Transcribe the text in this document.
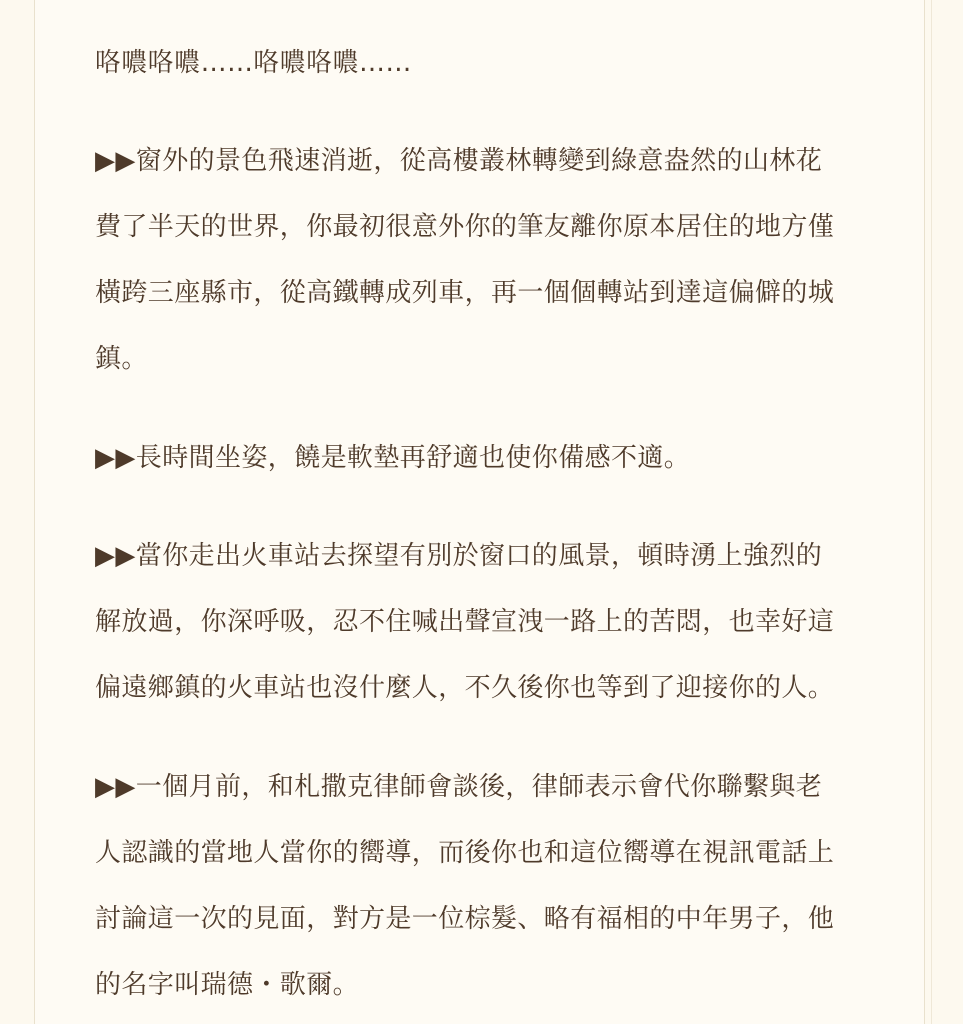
咯噥咯噥……咯噥咯噥……
▶▶窗外的景色飛速消逝，從高樓叢林轉變到綠意盎然的山林花
費了半天的世界，你最初很意外你的筆友離你原本居住的地方僅
橫跨三座縣市，從高鐵轉成列車，再一個個轉站到達這偏僻的城
鎮。
▶▶長時間坐姿，饒是軟墊再舒適也使你備感不適。
▶▶當你走出火車站去探望有別於窗口的風景，頓時湧上強烈的
解放過，你深呼吸，忍不住喊出聲宣洩一路上的苦悶，也幸好這
偏遠鄉鎮的火車站也沒什麼人，不久後你也等到了迎接你的人。
▶▶一個月前，和札撒克律師會談後，律師表示會代你聯繫與老
人認識的當地人當你的嚮導，而後你也和這位嚮導在視訊電話上
討論這一次的見面，對方是一位棕髮、略有福相的中年男子，他
的名字叫瑞德・歌爾。
